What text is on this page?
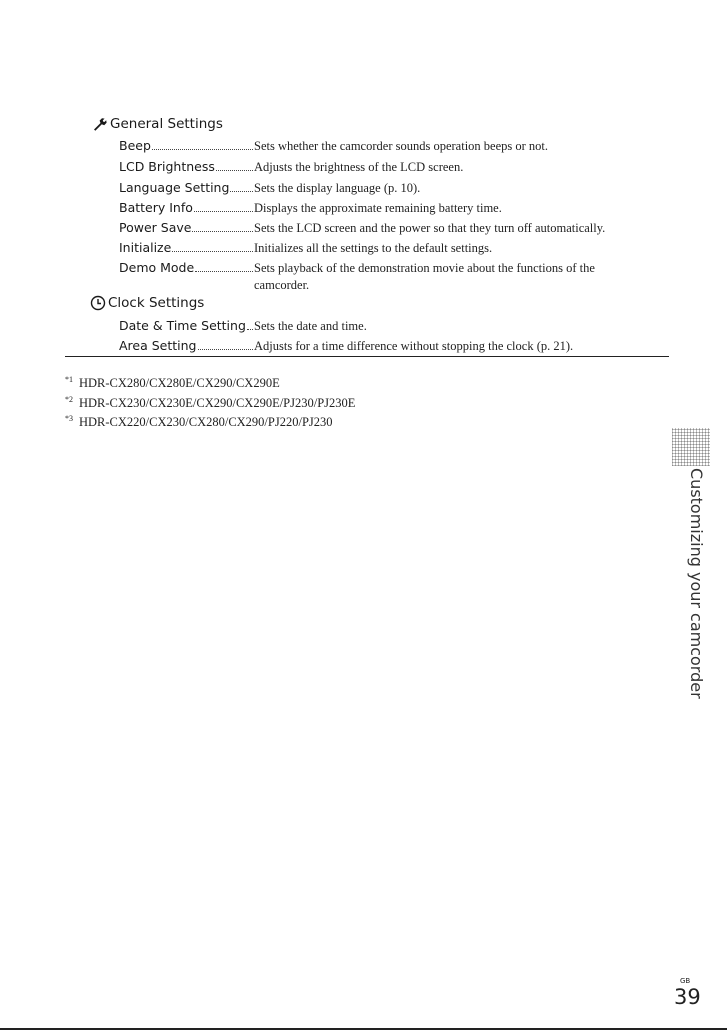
General Settings
Beep	Sets whether the camcorder sounds operation beeps or not.
LCD Brightness	Adjusts the brightness of the LCD screen.
Language Setting Sets the display language (p. 10).
Battery Info	Displays the approximate remaining battery time.
Power Save	Sets the LCD screen and the power so that they turn off automatically.
Initialize	Initializes all the settings to the default settings.
Demo Mode	Sets playback of the demonstration movie about the functions of the
camcorder.
Clock Settings
Date & Time Setting Sets the date and time.
Area Setting	Adjusts for a time difference without stopping the clock (p. 21).
$^{*1}$ HDR-CX280/CX280E/CX290/CX290E
$^{*2}$ HDR-CX230/CX230E/CX290/CX290E/PJ230/PJ230E
$^{*3}$ HDR-CX220/CX230/CX280/CX290/PJ220/PJ230
Customizing your camcorder
GB
39
